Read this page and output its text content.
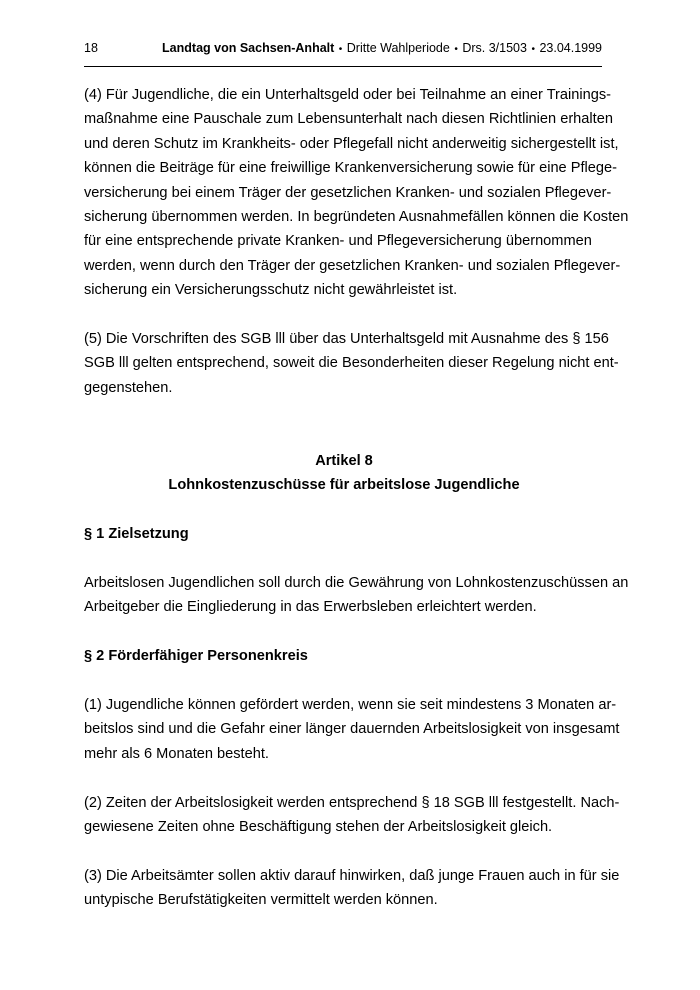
18	Landtag von Sachsen-Anhalt • Dritte Wahlperiode • Drs. 3/1503 • 23.04.1999

(4) Für Jugendliche, die ein Unterhaltsgeld oder bei Teilnahme an einer Trainings-
maßnahme eine Pauschale zum Lebensunterhalt nach diesen Richtlinien erhalten
und deren Schutz im Krankheits- oder Pflegefall nicht anderweitig sichergestellt ist,
können die Beiträge für eine freiwillige Krankenversicherung sowie für eine Pflege-
versicherung bei einem Träger der gesetzlichen Kranken- und sozialen Pflegever-
sicherung übernommen werden. In begründeten Ausnahmefällen können die Kosten
für eine entsprechende private Kranken- und Pflegeversicherung übernommen
werden, wenn durch den Träger der gesetzlichen Kranken- und sozialen Pflegever-
sicherung ein Versicherungsschutz nicht gewährleistet ist.

(5) Die Vorschriften des SGB lll über das Unterhaltsgeld mit Ausnahme des § 156
SGB lll gelten entsprechend, soweit die Besonderheiten dieser Regelung nicht ent-
gegenstehen.

Artikel 8
Lohnkostenzuschüsse für arbeitslose Jugendliche

§ 1 Zielsetzung

Arbeitslosen Jugendlichen soll durch die Gewährung von Lohnkostenzuschüssen an
Arbeitgeber die Eingliederung in das Erwerbsleben erleichtert werden.

§ 2 Förderfähiger Personenkreis

(1) Jugendliche können gefördert werden, wenn sie seit mindestens 3 Monaten ar-
beitslos sind und die Gefahr einer länger dauernden Arbeitslosigkeit von insgesamt
mehr als 6 Monaten besteht.

(2) Zeiten der Arbeitslosigkeit werden entsprechend § 18 SGB lll festgestellt. Nach-
gewiesene Zeiten ohne Beschäftigung stehen der Arbeitslosigkeit gleich.

(3) Die Arbeitsämter sollen aktiv darauf hinwirken, daß junge Frauen auch in für sie
untypische Berufstätigkeiten vermittelt werden können.
